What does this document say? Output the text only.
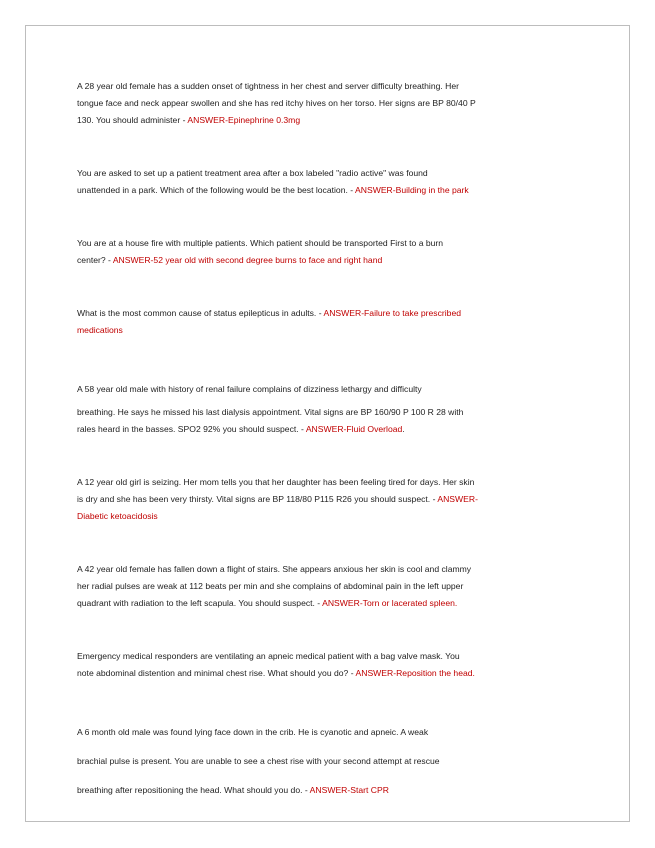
A 28 year old female has a sudden onset of tightness in her chest and server difficulty breathing. Her
tongue face and neck appear swollen and she has red itchy hives on her torso. Her signs are BP 80/40 P
130. You should administer - ANSWER-Epinephrine 0.3mg
You are asked to set up a patient treatment area after a box labeled "radio active" was found
unattended in a park. Which of the following would be the best location. - ANSWER-Building in the park
You are at a house fire with multiple patients. Which patient should be transported First to a burn
center? - ANSWER-52 year old with second degree burns to face and right hand
What is the most common cause of status epilepticus in adults. - ANSWER-Failure to take prescribed
medications
A 58 year old male with history of renal failure complains of dizziness lethargy and difficulty
breathing. He says he missed his last dialysis appointment. Vital signs are BP 160/90 P 100 R 28 with
rales heard in the basses. SPO2 92% you should suspect. - ANSWER-Fluid Overload.
A 12 year old girl is seizing. Her mom tells you that her daughter has been feeling tired for days. Her skin
is dry and she has been very thirsty. Vital signs are BP 118/80 P115 R26 you should suspect. - ANSWER-
Diabetic ketoacidosis
A 42 year old female has fallen down a flight of stairs. She appears anxious her skin is cool and clammy
her radial pulses are weak at 112 beats per min and she complains of abdominal pain in the left upper
quadrant with radiation to the left scapula. You should suspect. - ANSWER-Torn or lacerated spleen.
Emergency medical responders are ventilating an apneic medical patient with a bag valve mask. You
note abdominal distention and minimal chest rise. What should you do? - ANSWER-Reposition the head.
A 6 month old male was found lying face down in the crib. He is cyanotic and apneic. A weak
brachial pulse is present. You are unable to see a chest rise with your second attempt at rescue
breathing after repositioning the head. What should you do. - ANSWER-Start CPR
